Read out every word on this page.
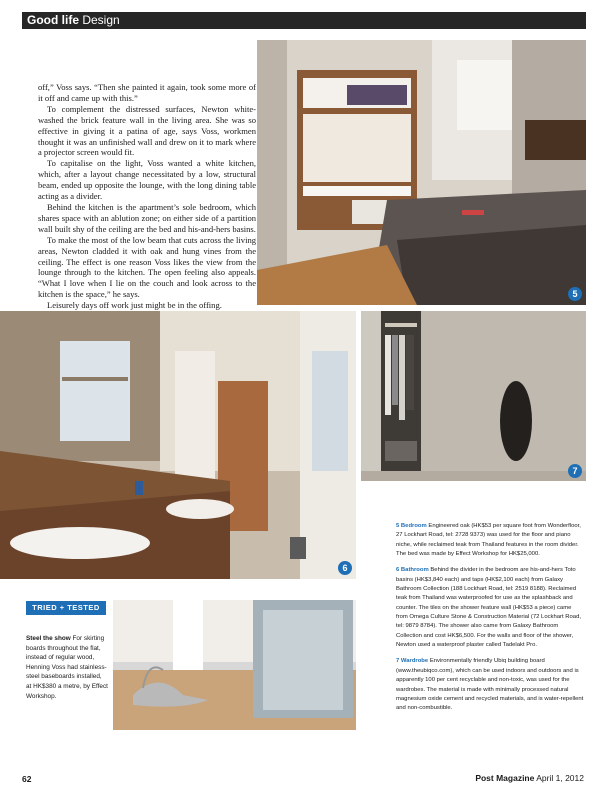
Good life Design

off,” Voss says. “Then she painted it again, took some more of it off and came up with this.”

To complement the distressed surfaces, Newton white-washed the brick feature wall in the living area. She was so effective in giving it a patina of age, says Voss, workmen thought it was an unfinished wall and drew on it to mark where a projector screen would fit.

To capitalise on the light, Voss wanted a white kitchen, which, after a layout change necessitated by a low, structural beam, ended up opposite the lounge, with the long dining table acting as a divider.

Behind the kitchen is the apartment’s sole bedroom, which shares space with an ablution zone; on either side of a partition wall built shy of the ceiling are the bed and his-and-hers basins.

To make the most of the low beam that cuts across the living areas, Newton cladded it with oak and hung vines from the ceiling. The effect is one reason Voss likes the view from the lounge through to the kitchen. The open feeling also appeals. “What I love when I lie on the couch and look across to the kitchen is the space,” he says.

Leisurely days off work just might be in the offing.

5
6
7

5 Bedroom Engineered oak (HK$53 per square foot from Wonderfloor, 27 Lockhart Road, tel: 2728 9373) was used for the floor and piano niche, while reclaimed teak from Thailand features in the room divider. The bed was made by Effect Workshop for HK$25,000.

6 Bathroom Behind the divider in the bedroom are his-and-hers Toto basins (HK$3,840 each) and taps (HK$2,100 each) from Galaxy Bathroom Collection (188 Lockhart Road, tel: 2519 8188). Reclaimed teak from Thailand was waterproofed for use as the splashback and counter. The tiles on the shower feature wall (HK$53 a piece) came from Omega Culture Stone & Construction Material (72 Lockhart Road, tel: 9879 8784). The shower also came from Galaxy Bathroom Collection and cost HK$6,500. For the walls and floor of the shower, Newton used a waterproof plaster called Tadelakt Pro.

7 Wardrobe Environmentally friendly Ubiq building board (www.theubiqco.com), which can be used indoors and outdoors and is apparently 100 per cent recyclable and non-toxic, was used for the wardrobes. The material is made with minimally processed natural magnesium oxide cement and recycled materials, and is water-repellent and non-combustible.

TRIED + TESTED
Steel the show For skirting boards throughout the flat, instead of regular wood, Henning Voss had stainless-steel baseboards installed, at HK$380 a metre, by Effect Workshop.
62	Post Magazine April 1, 2012
